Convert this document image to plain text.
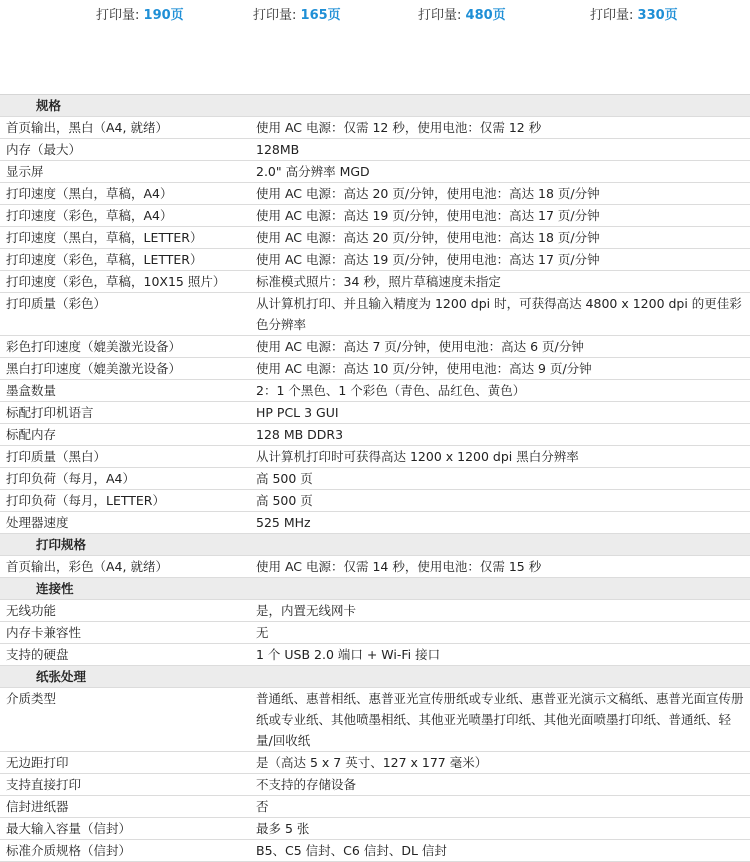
打印量: 190页	打印量: 165页	打印量: 480页	打印量: 330页
规格
首页输出，黑白（A4, 就绪）	使用 AC 电源：仅需 12 秒，使用电池：仅需 12 秒
内存（最大）	128MB
显示屏	2.0" 高分辨率 MGD
打印速度（黑白，草稿，A4）	使用 AC 电源：高达 20 页/分钟，使用电池：高达 18 页/分钟
打印速度（彩色，草稿，A4）	使用 AC 电源：高达 19 页/分钟，使用电池：高达 17 页/分钟
打印速度（黑白，草稿，LETTER）	使用 AC 电源：高达 20 页/分钟，使用电池：高达 18 页/分钟
打印速度（彩色，草稿，LETTER）	使用 AC 电源：高达 19 页/分钟，使用电池：高达 17 页/分钟
打印速度（彩色，草稿，10X15 照片）	标准模式照片：34 秒，照片草稿速度未指定
打印质量（彩色）	从计算机打印、并且输入精度为 1200 dpi 时，可获得高达 4800 x 1200 dpi 的更佳彩色分辨率
彩色打印速度（媲美激光设备）	使用 AC 电源：高达 7 页/分钟，使用电池：高达 6 页/分钟
黑白打印速度（媲美激光设备）	使用 AC 电源：高达 10 页/分钟，使用电池：高达 9 页/分钟
墨盒数量	2：1 个黑色、1 个彩色（青色、品红色、黄色）
标配打印机语言	HP PCL 3 GUI
标配内存	128 MB DDR3
打印质量（黑白）	从计算机打印时可获得高达 1200 x 1200 dpi 黑白分辨率
打印负荷（每月，A4）	高 500 页
打印负荷（每月，LETTER）	高 500 页
处理器速度	525 MHz
打印规格
首页输出，彩色（A4, 就绪）	使用 AC 电源：仅需 14 秒，使用电池：仅需 15 秒
连接性
无线功能	是，内置无线网卡
内存卡兼容性	无
支持的硬盘	1 个 USB 2.0 端口 + Wi-Fi 接口
纸张处理
介质类型	普通纸、惠普相纸、惠普亚光宣传册纸或专业纸、惠普亚光演示文稿纸、惠普光面宣传册纸或专业纸、其他喷墨相纸、其他亚光喷墨打印纸、其他光面喷墨打印纸、普通纸、轻量/回收纸
无边距打印	是（高达 5 x 7 英寸、127 x 177 毫米）
支持直接打印	不支持的存储设备
信封进纸器	否
最大输入容量（信封）	最多 5 张
标准介质规格（信封）	B5、C5 信封、C6 信封、DL 信封
